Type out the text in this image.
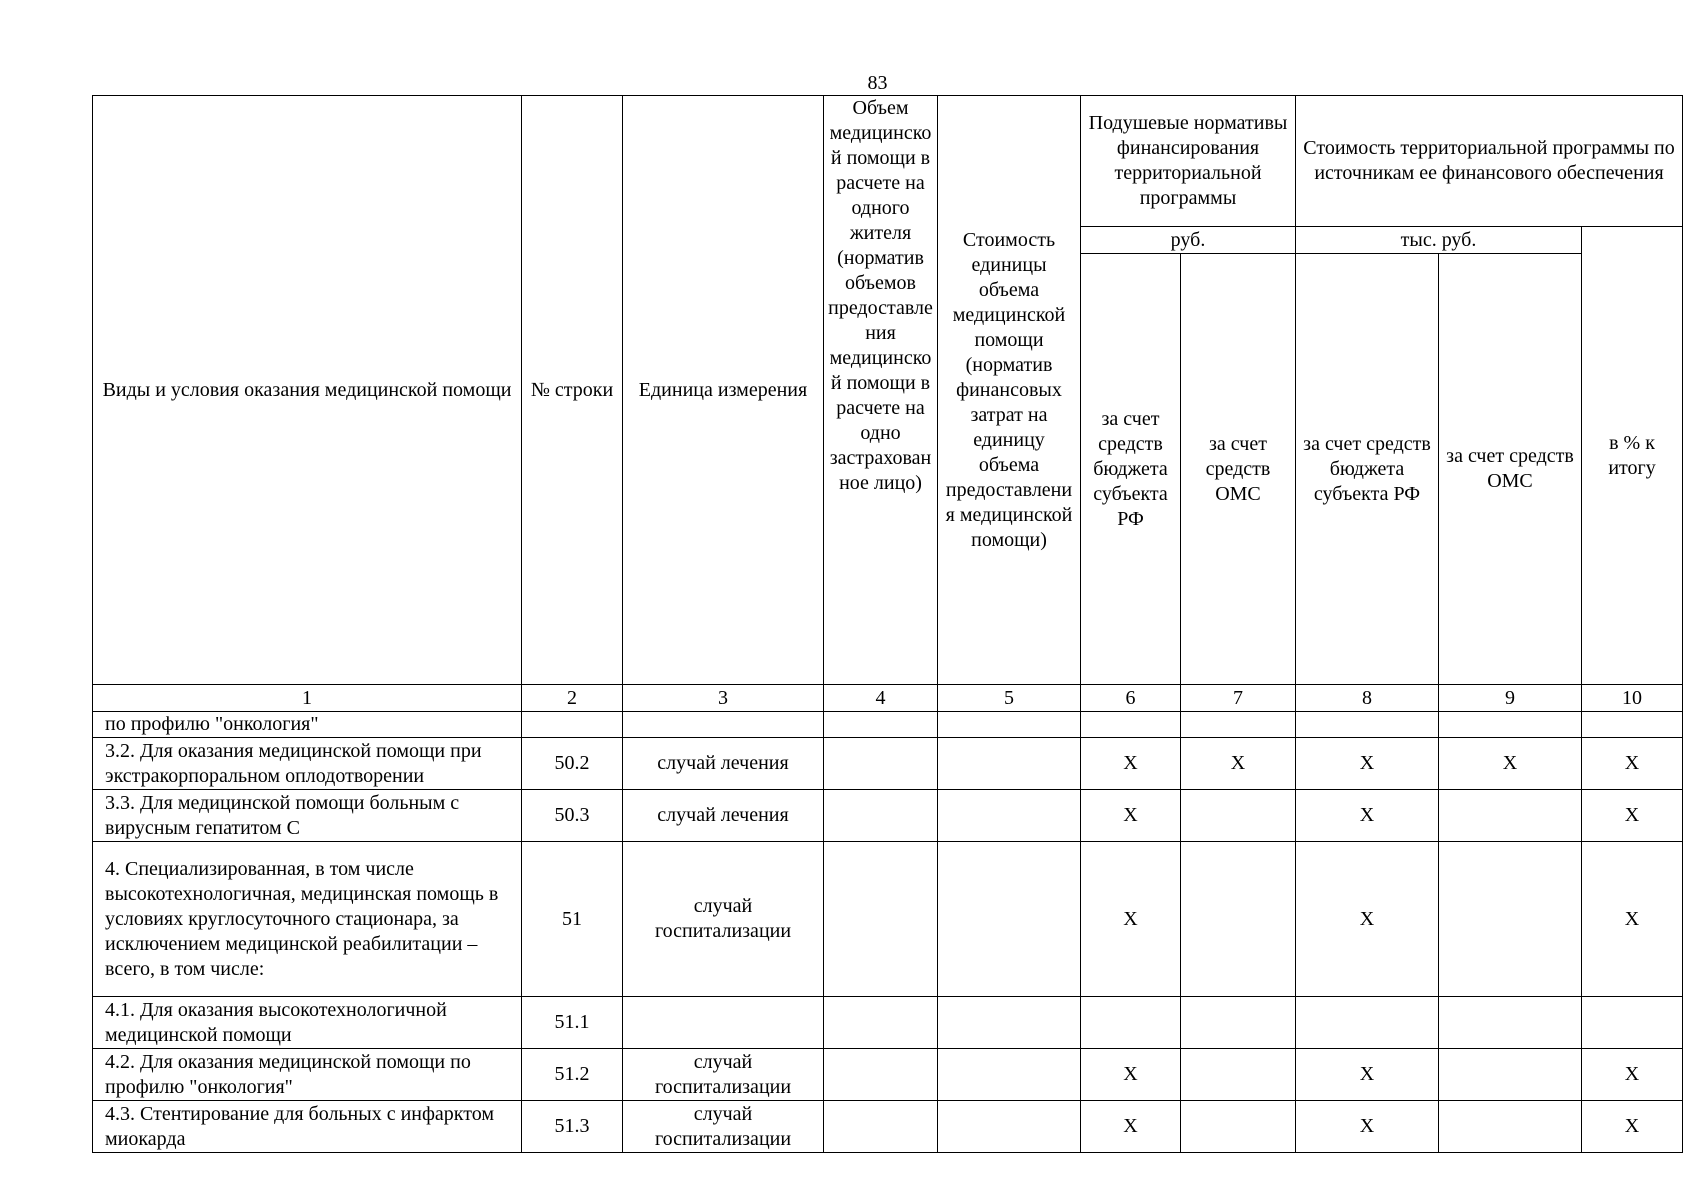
83
Виды и условия оказания медицинской помощи	№ строки	Единица измерения	Объем медицинской помощи в расчете на одного жителя (норматив объемов предоставления медицинской помощи в расчете на одно застрахованное лицо)	Стоимость единицы объема медицинской помощи (норматив финансовых затрат на единицу объема предоставления медицинской помощи)	Подушевые нормативы финансирования территориальной программы		Стоимость территориальной программы по источникам ее финансового обеспечения		
					руб.		тыс. руб.		в % к итогу
					за счет средств бюджета субъекта РФ	за счет средств ОМС	за счет средств бюджета субъекта РФ	за счет средств ОМС	
1	2	3	4	5	6	7	8	9	10
по профилю "онкология"									
3.2. Для оказания медицинской помощи при экстракорпоральном оплодотворении	50.2	случай лечения			Х	Х	Х	Х	Х
3.3. Для медицинской помощи больным с вирусным гепатитом С	50.3	случай лечения			Х		Х		Х
4. Специализированная, в том числе высокотехнологичная, медицинская помощь в условиях круглосуточного стационара, за исключением медицинской реабилитации – всего, в том числе:	51	случай госпитализации			Х		Х		Х
4.1. Для оказания высокотехнологичной медицинской помощи	51.1								
4.2. Для оказания медицинской помощи по профилю "онкология"	51.2	случай госпитализации			Х		Х		Х
4.3. Стентирование для больных с инфарктом миокарда	51.3	случай госпитализации			Х		Х		Х
